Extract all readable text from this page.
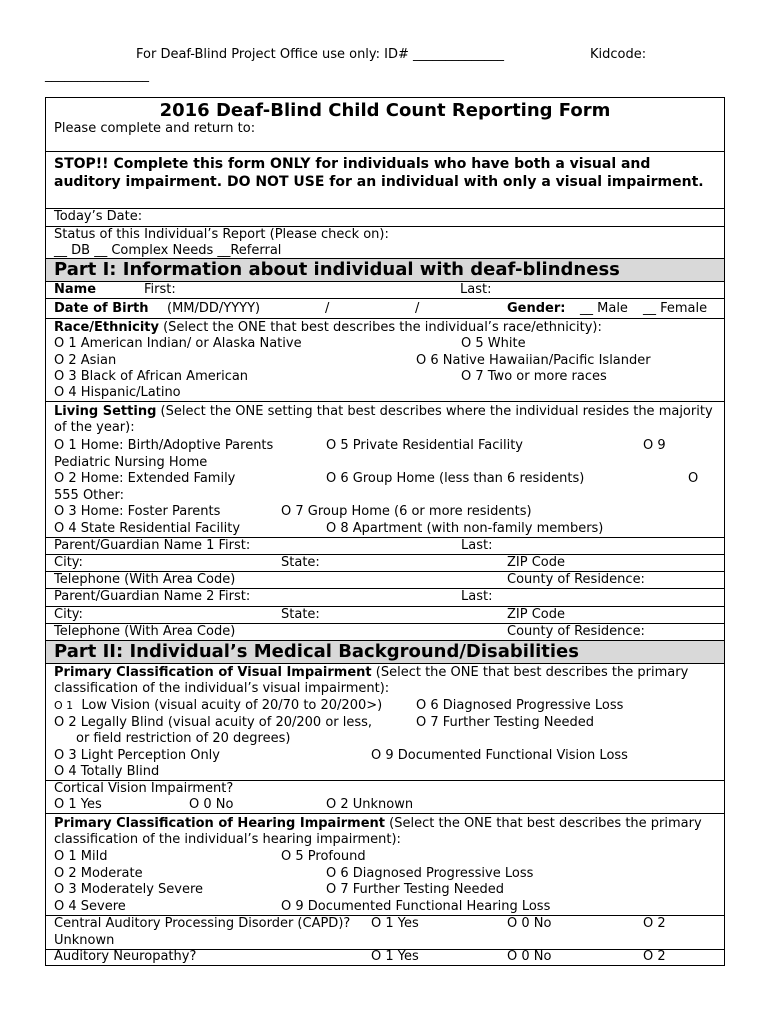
For Deaf-Blind Project Office use only: ID# ______________	Kidcode:
________________
2016 Deaf-Blind Child Count Reporting Form
Please complete and return to:
STOP!! Complete this form ONLY for individuals who have both a visual and auditory impairment. DO NOT USE for an individual with only a visual impairment.
Today’s Date:
Status of this Individual’s Report (Please check on):
__ DB __ Complex Needs __Referral
Part I: Information about individual with deaf-blindness
Name	First:	Last:
Date of Birth (MM/DD/YYYY)	/	/	Gender: __ Male __ Female
Race/Ethnicity (Select the ONE that best describes the individual’s race/ethnicity):
O 1 American Indian/ or Alaska Native	O 5 White
O 2 Asian	O 6 Native Hawaiian/Pacific Islander
O 3 Black of African American	O 7 Two or more races
O 4 Hispanic/Latino
Living Setting (Select the ONE setting that best describes where the individual resides the majority of the year):
O 1 Home: Birth/Adoptive Parents	O 5 Private Residential Facility	O 9
Pediatric Nursing Home
O 2 Home: Extended Family	O 6 Group Home (less than 6 residents)	O
555 Other:
O 3 Home: Foster Parents	O 7 Group Home (6 or more residents)
O 4 State Residential Facility	O 8 Apartment (with non-family members)
Parent/Guardian Name 1 First:	Last:
City:	State:	ZIP Code
Telephone (With Area Code)	County of Residence:
Parent/Guardian Name 2 First:	Last:
City:	State:	ZIP Code
Telephone (With Area Code)	County of Residence:
Part II: Individual’s Medical Background/Disabilities
Primary Classification of Visual Impairment (Select the ONE that best describes the primary classification of the individual’s visual impairment):
O 1 Low Vision (visual acuity of 20/70 to 20/200>)	O 6 Diagnosed Progressive Loss
O 2 Legally Blind (visual acuity of 20/200 or less,	O 7 Further Testing Needed
or field restriction of 20 degrees)
O 3 Light Perception Only	O 9 Documented Functional Vision Loss
O 4 Totally Blind
Cortical Vision Impairment?
O 1 Yes	O 0 No	O 2 Unknown
Primary Classification of Hearing Impairment (Select the ONE that best describes the primary classification of the individual’s hearing impairment):
O 1 Mild	O 5 Profound
O 2 Moderate	O 6 Diagnosed Progressive Loss
O 3 Moderately Severe	O 7 Further Testing Needed
O 4 Severe	O 9 Documented Functional Hearing Loss
Central Auditory Processing Disorder (CAPD)? O 1 Yes	O 0 No	O 2
Unknown
Auditory Neuropathy?	O 1 Yes	O 0 No	O 2
